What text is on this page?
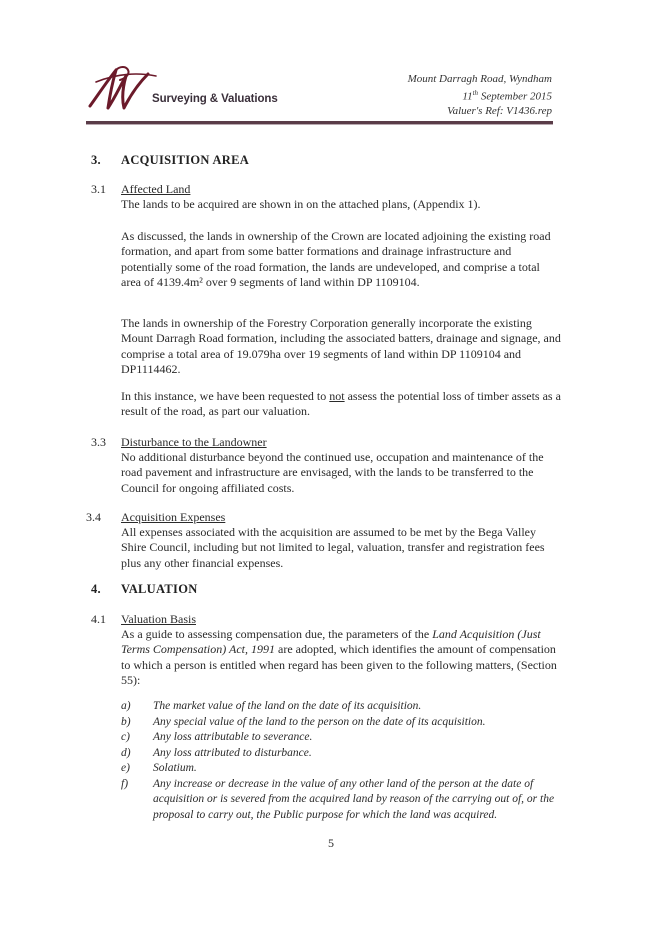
Surveying & Valuations
Mount Darragh Road, Wyndham
11th September 2015
Valuer's Ref: V1436.rep
3. ACQUISITION AREA
3.1 Affected Land

The lands to be acquired are shown in on the attached plans, (Appendix 1).

As discussed, the lands in ownership of the Crown are located adjoining the existing road formation, and apart from some batter formations and drainage infrastructure and potentially some of the road formation, the lands are undeveloped, and comprise a total area of 4139.4m² over 9 segments of land within DP 1109104.

The lands in ownership of the Forestry Corporation generally incorporate the existing Mount Darragh Road formation, including the associated batters, drainage and signage, and comprise a total area of 19.079ha over 19 segments of land within DP 1109104 and DP1114462.

In this instance, we have been requested to not assess the potential loss of timber assets as a result of the road, as part our valuation.

3.3 Disturbance to the Landowner

No additional disturbance beyond the continued use, occupation and maintenance of the road pavement and infrastructure are envisaged, with the lands to be transferred to the Council for ongoing affiliated costs.

3.4 Acquisition Expenses

All expenses associated with the acquisition are assumed to be met by the Bega Valley Shire Council, including but not limited to legal, valuation, transfer and registration fees plus any other financial expenses.

4. VALUATION
4.1 Valuation Basis

As a guide to assessing compensation due, the parameters of the Land Acquisition (Just Terms Compensation) Act, 1991 are adopted, which identifies the amount of compensation to which a person is entitled when regard has been given to the following matters, (Section 55):

a) The market value of the land on the date of its acquisition.
b) Any special value of the land to the person on the date of its acquisition.
c) Any loss attributable to severance.
d) Any loss attributed to disturbance.
e) Solatium.
f) Any increase or decrease in the value of any other land of the person at the date of acquisition or is severed from the acquired land by reason of the carrying out of, or the proposal to carry out, the Public purpose for which the land was acquired.
5
